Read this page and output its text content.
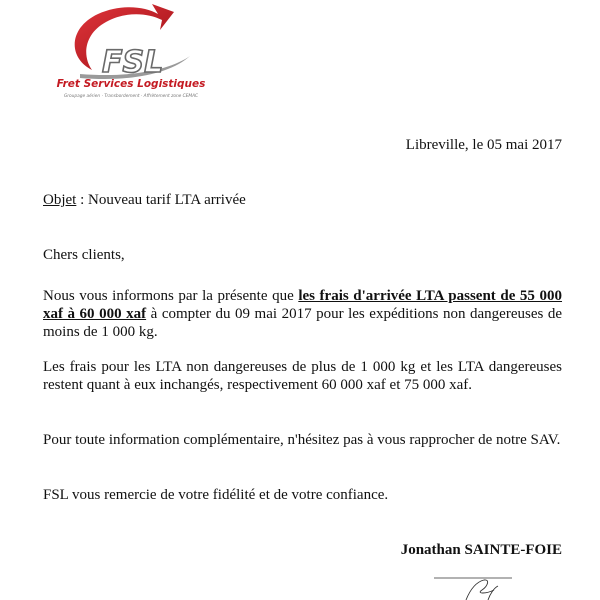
FSL
Fret Services Logistiques
Groupage aérien · Transbordement · Affrètement zone CEMAC
Libreville, le 05 mai 2017
Objet : Nouveau tarif LTA arrivée
Chers clients,
Nous vous informons par la présente que les frais d'arrivée LTA passent de 55 000 xaf à 60 000 xaf à compter du 09 mai 2017 pour les expéditions non dangereuses de moins de 1 000 kg.
Les frais pour les LTA non dangereuses de plus de 1 000 kg et les LTA dangereuses restent quant à eux inchangés, respectivement 60 000 xaf et 75 000 xaf.
Pour toute information complémentaire, n'hésitez pas à vous rapprocher de notre SAV.
FSL vous remercie de votre fidélité et de votre confiance.
Jonathan SAINTE-FOIE
